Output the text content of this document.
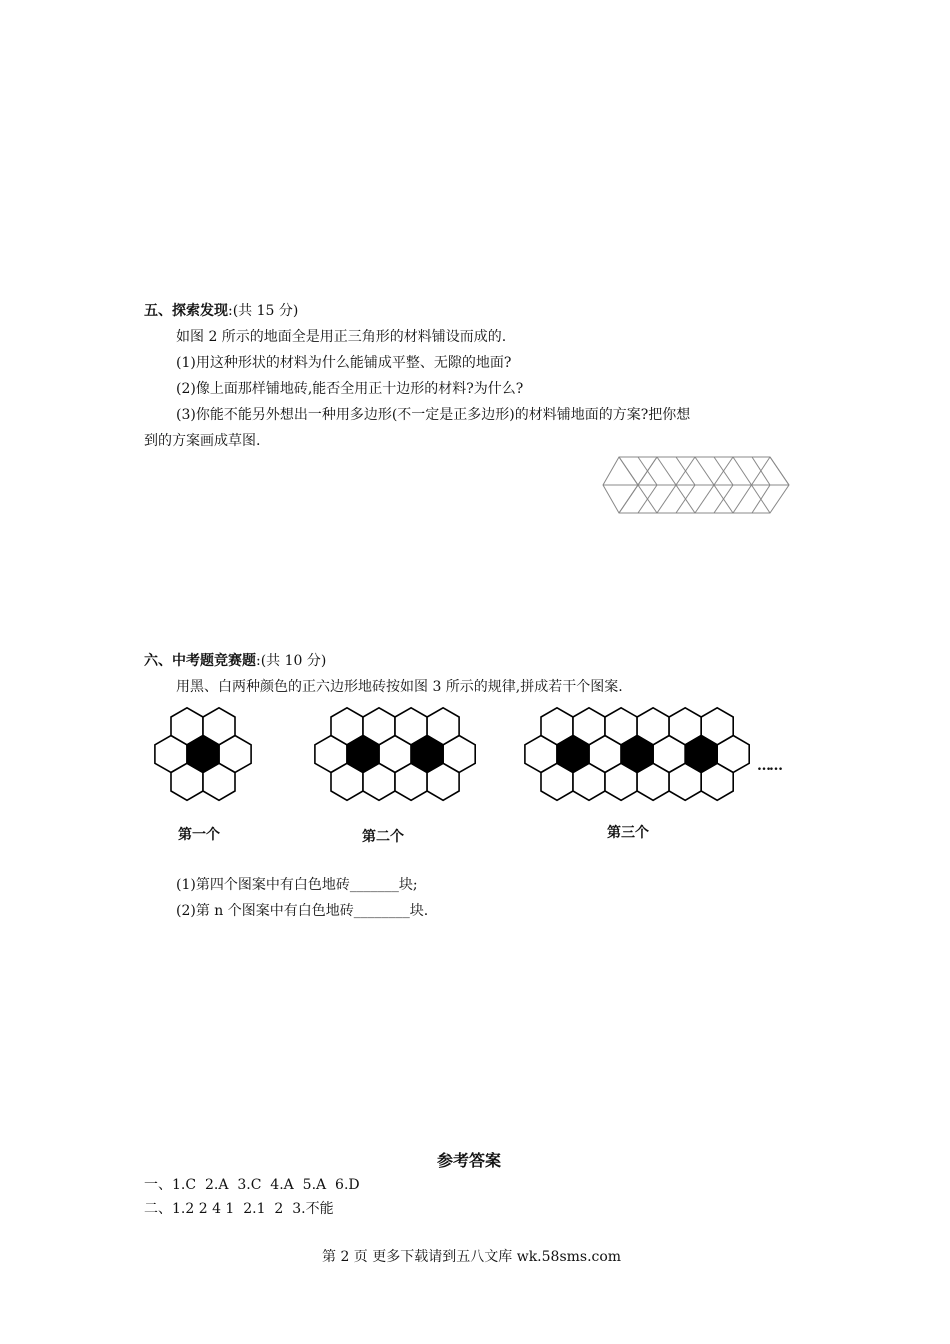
五、探索发现:(共 15 分)
如图 2 所示的地面全是用正三角形的材料铺设而成的.
(1)用这种形状的材料为什么能铺成平整、无隙的地面?
(2)像上面那样铺地砖,能否全用正十边形的材料?为什么?
(3)你能不能另外想出一种用多边形(不一定是正多边形)的材料铺地面的方案?把你想
到的方案画成草图.
六、中考题竞赛题:(共 10 分)
用黑、白两种颜色的正六边形地砖按如图 3 所示的规律,拼成若干个图案.
第一个	第二个	第三个
……
(1)第四个图案中有白色地砖_______块;
(2)第 n 个图案中有白色地砖________块.
参考答案
一、1.C  2.A  3.C  4.A  5.A  6.D
二、1.2 2 4 1  2.1  2  3.不能
第 2 页 更多下载请到五八文库 wk.58sms.com
